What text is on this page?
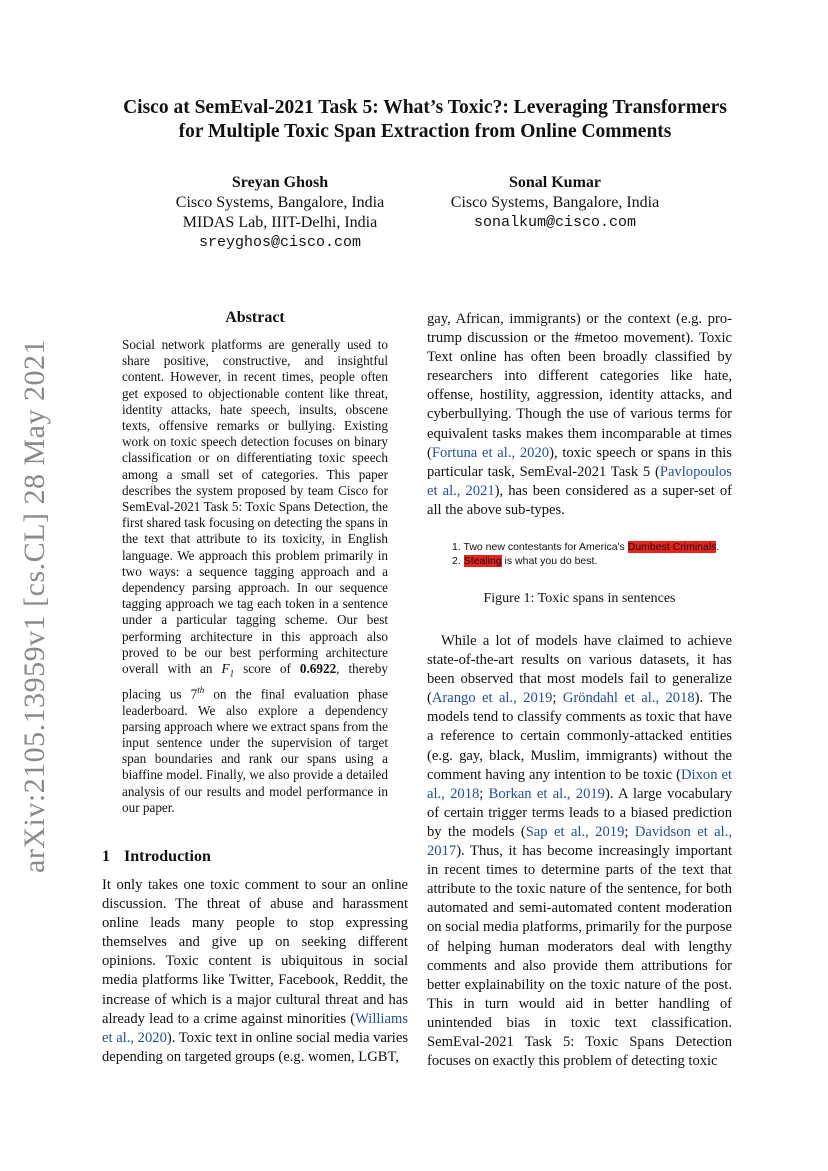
arXiv:2105.13959v1 [cs.CL] 28 May 2021
Cisco at SemEval-2021 Task 5: What’s Toxic?: Leveraging Transformers
for Multiple Toxic Span Extraction from Online Comments
Sreyan Ghosh
Cisco Systems, Bangalore, India
MIDAS Lab, IIIT-Delhi, India
sreyghos@cisco.com
Sonal Kumar
Cisco Systems, Bangalore, India
sonalkum@cisco.com
Abstract
Social network platforms are generally used to share positive, constructive, and insightful content. However, in recent times, people often get exposed to objectionable content like threat, identity attacks, hate speech, insults, obscene texts, offensive remarks or bullying. Existing work on toxic speech detection focuses on binary classification or on differentiating toxic speech among a small set of categories. This paper describes the system proposed by team Cisco for SemEval-2021 Task 5: Toxic Spans Detection, the first shared task focusing on detecting the spans in the text that attribute to its toxicity, in English language. We approach this problem primarily in two ways: a sequence tagging approach and a dependency parsing approach. In our sequence tagging approach we tag each token in a sentence under a particular tagging scheme. Our best performing architecture in this approach also proved to be our best performing architecture overall with an $F_1$ score of 0.6922, thereby placing us 7th on the final evaluation phase leaderboard. We also explore a dependency parsing approach where we extract spans from the input sentence under the supervision of target span boundaries and rank our spans using a biaffine model. Finally, we also provide a detailed analysis of our results and model performance in our paper.
1 Introduction
It only takes one toxic comment to sour an online discussion. The threat of abuse and harassment online leads many people to stop expressing themselves and give up on seeking different opinions. Toxic content is ubiquitous in social media platforms like Twitter, Facebook, Reddit, the increase of which is a major cultural threat and has already lead to a crime against minorities (Williams et al., 2020). Toxic text in online social media varies depending on targeted groups (e.g. women, LGBT,
gay, African, immigrants) or the context (e.g. pro-trump discussion or the #metoo movement). Toxic Text online has often been broadly classified by researchers into different categories like hate, offense, hostility, aggression, identity attacks, and cyberbullying. Though the use of various terms for equivalent tasks makes them incomparable at times (Fortuna et al., 2020), toxic speech or spans in this particular task, SemEval-2021 Task 5 (Pavlopoulos et al., 2021), has been considered as a super-set of all the above sub-types.
1. Two new contestants for America's Dumbest Criminals.
2. Stealing is what you do best.
Figure 1: Toxic spans in sentences
While a lot of models have claimed to achieve state-of-the-art results on various datasets, it has been observed that most models fail to generalize (Arango et al., 2019; Gröndahl et al., 2018). The models tend to classify comments as toxic that have a reference to certain commonly-attacked entities (e.g. gay, black, Muslim, immigrants) without the comment having any intention to be toxic (Dixon et al., 2018; Borkan et al., 2019). A large vocabulary of certain trigger terms leads to a biased prediction by the models (Sap et al., 2019; Davidson et al., 2017). Thus, it has become increasingly important in recent times to determine parts of the text that attribute to the toxic nature of the sentence, for both automated and semi-automated content moderation on social media platforms, primarily for the purpose of helping human moderators deal with lengthy comments and also provide them attributions for better explainability on the toxic nature of the post. This in turn would aid in better handling of unintended bias in toxic text classification. SemEval-2021 Task 5: Toxic Spans Detection focuses on exactly this problem of detecting toxic
